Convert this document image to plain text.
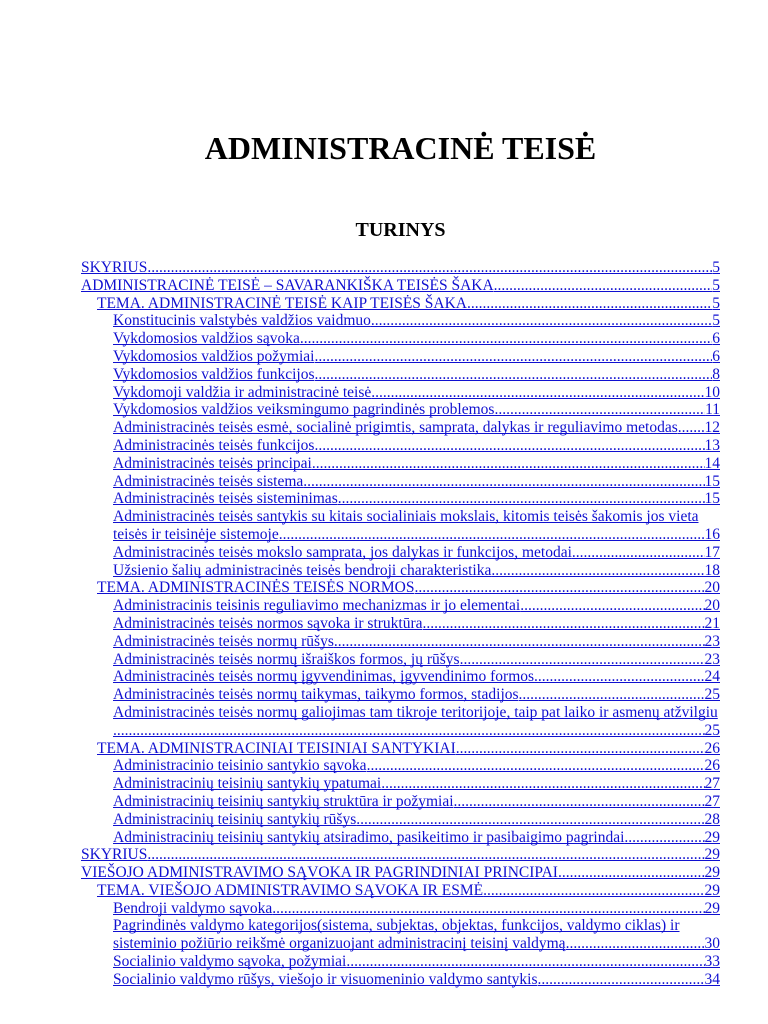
ADMINISTRACINĖ TEISĖ
TURINYS
SKYRIUS .....	5
ADMINISTRACINĖ TEISĖ – SAVARANKIŠKA TEISĖS ŠAKA .....	5
TEMA. ADMINISTRACINĖ TEISĖ KAIP TEISĖS ŠAKA .....	5
Konstitucinis valstybės valdžios vaidmuo .....	5
Vykdomosios valdžios sąvoka .....	6
Vykdomosios valdžios požymiai .....	6
Vykdomosios valdžios funkcijos .....	8
Vykdomoji valdžia ir administracinė teisė .....	10
Vykdomosios valdžios veiksmingumo pagrindinės problemos .....	11
Administracinės teisės esmė, socialinė prigimtis, samprata, dalykas ir reguliavimo metodas ..... 12
Administracinės teisės funkcijos .....	13
Administracinės teisės principai .....	14
Administracinės teisės sistema .....	15
Administracinės teisės sisteminimas .....	15
Administracinės teisės santykis su kitais socialiniais mokslais, kitomis teisės šakomis jos vieta
teisės ir teisinėje sistemoje .....	16
Administracinės teisės mokslo samprata, jos dalykas ir funkcijos, metodai .....	17
Užsienio šalių administracinės teisės bendroji charakteristika .....	18
TEMA. ADMINISTRACINĖS TEISĖS NORMOS .....	20
Administracinis teisinis reguliavimo mechanizmas ir jo elementai .....	20
Administracinės teisės normos sąvoka ir struktūra .....	21
Administracinės teisės normų rūšys .....	23
Administracinės teisės normų išraiškos formos, jų rūšys .....	23
Administracinės teisės normų įgyvendinimas, įgyvendinimo formos .....	24
Administracinės teisės normų taikymas, taikymo formos, stadijos .....	25
Administracinės teisės normų galiojimas tam tikroje teritorijoje, taip pat laiko ir asmenų atžvilgiu
.....
25
TEMA. ADMINISTRACINIAI TEISINIAI SANTYKIAI .....	26
Administracinio teisinio santykio sąvoka .....	26
Administracinių teisinių santykių ypatumai .....	27
Administracinių teisinių santykių struktūra ir požymiai .....	27
Administracinių teisinių santykių rūšys .....	28
Administracinių teisinių santykių atsiradimo, pasikeitimo ir pasibaigimo pagrindai .....	29
SKYRIUS .....	29
VIEŠOJO ADMINISTRAVIMO SĄVOKA IR PAGRINDINIAI PRINCIPAI .....	29
TEMA. VIEŠOJO ADMINISTRAVIMO SĄVOKA IR ESMĖ .....	29
Bendroji valdymo sąvoka .....	29
Pagrindinės valdymo kategorijos(sistema, subjektas, objektas, funkcijos, valdymo ciklas) ir
sisteminio požiūrio reikšmė organizuojant administracinį teisinį valdymą .....	30
Socialinio valdymo sąvoka, požymiai .....	33
Socialinio valdymo rūšys, viešojo ir visuomeninio valdymo santykis .....	34
